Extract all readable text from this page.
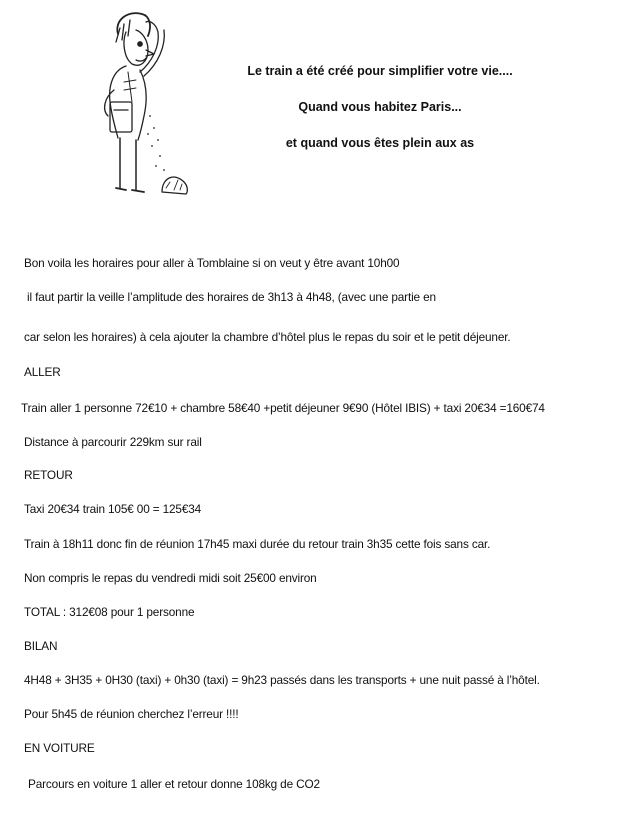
Le train a été créé pour simplifier votre vie....
Quand vous habitez Paris...
et quand vous êtes plein aux as
Bon voila les horaires pour aller à Tomblaine si on veut y être avant 10h00
il faut partir la veille l’amplitude des horaires de 3h13 à 4h48, (avec une partie en
car selon les horaires) à cela ajouter la chambre d’hôtel plus le repas du soir et le petit déjeuner.
ALLER
Train aller 1 personne 72€10 + chambre 58€40 +petit déjeuner 9€90 (Hôtel IBIS) + taxi 20€34 =160€74
Distance à parcourir 229km sur rail
RETOUR
Taxi 20€34 train 105€ 00 = 125€34
Train à 18h11 donc fin de réunion 17h45 maxi durée du retour train 3h35 cette fois sans car.
Non compris le repas du vendredi midi soit 25€00 environ
TOTAL : 312€08 pour 1 personne
BILAN
4H48 + 3H35 + 0H30 (taxi) + 0h30 (taxi) = 9h23 passés dans les transports + une nuit passé à l’hôtel.
Pour 5h45 de réunion cherchez l’erreur !!!!
EN VOITURE
Parcours en voiture 1 aller et retour donne 108kg de CO2
